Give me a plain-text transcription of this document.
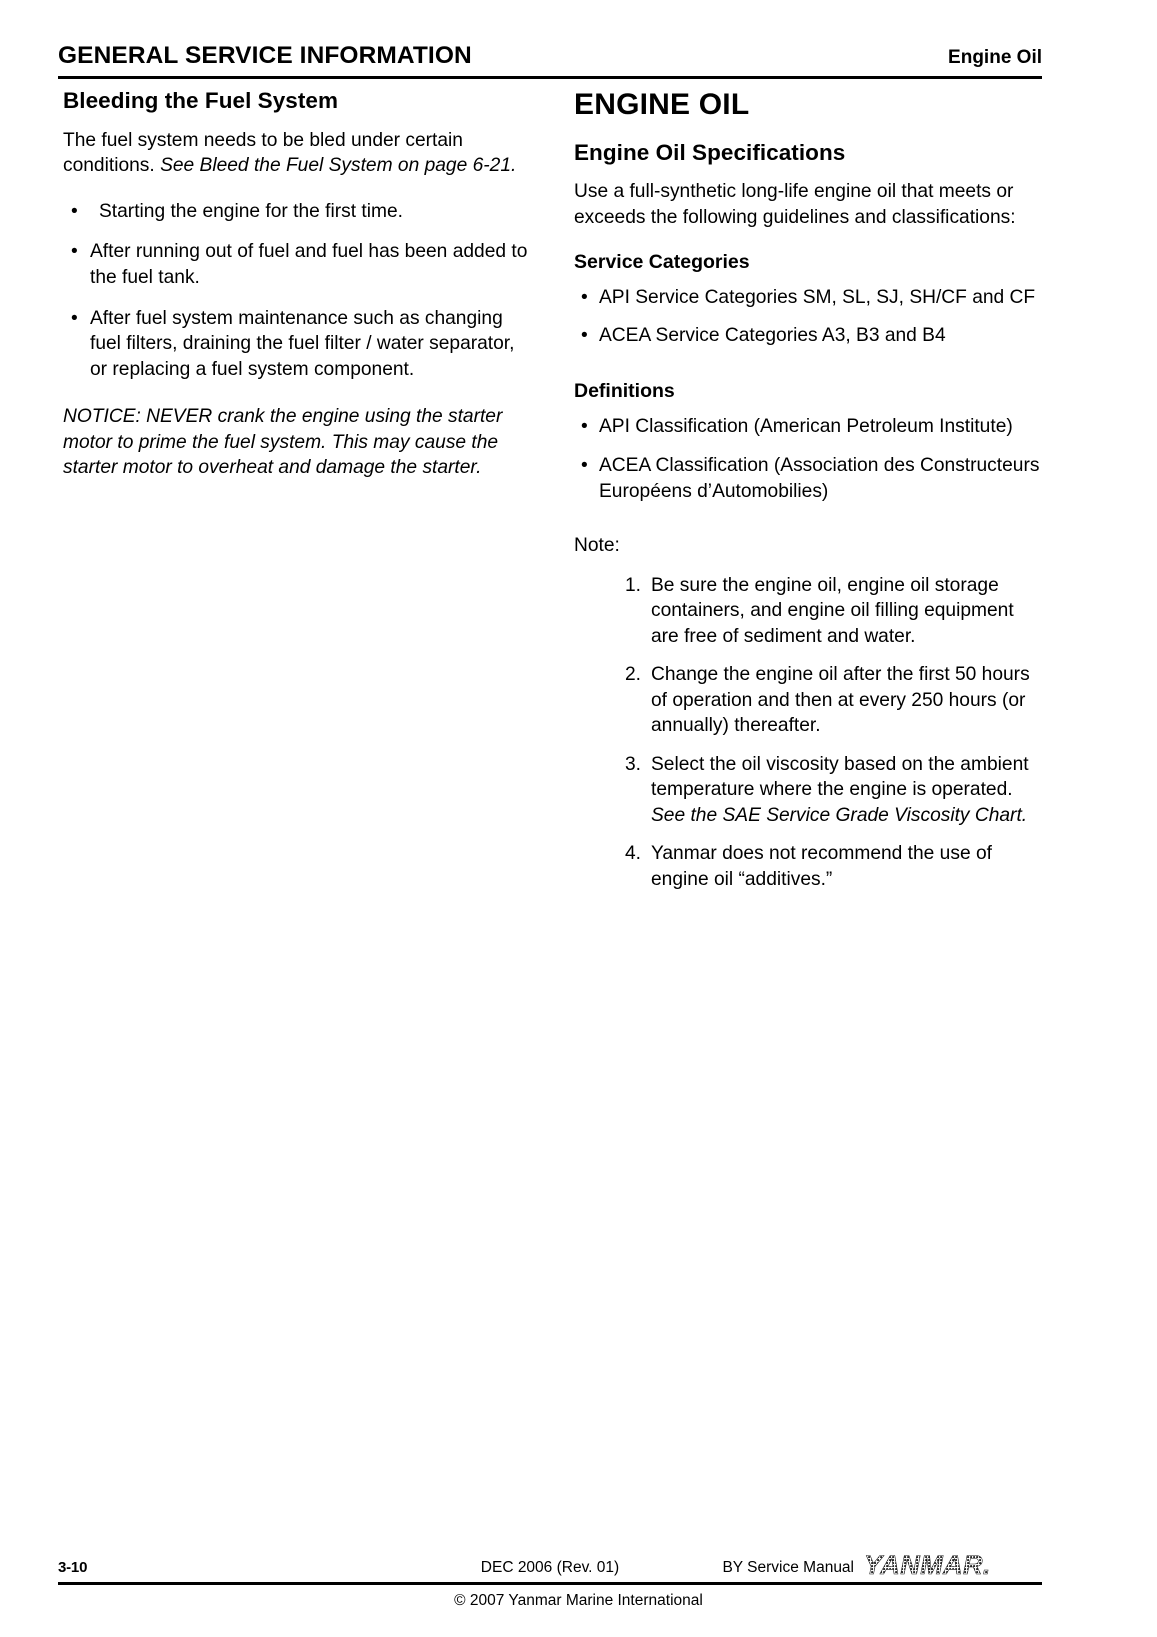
GENERAL SERVICE INFORMATION	Engine Oil
Bleeding the Fuel System

The fuel system needs to be bled under certain conditions. See Bleed the Fuel System on page 6-21.

• Starting the engine for the first time.
• After running out of fuel and fuel has been added to the fuel tank.
• After fuel system maintenance such as changing fuel filters, draining the fuel filter / water separator, or replacing a fuel system component.

NOTICE: NEVER crank the engine using the starter motor to prime the fuel system. This may cause the starter motor to overheat and damage the starter.

ENGINE OIL
Engine Oil Specifications

Use a full-synthetic long-life engine oil that meets or exceeds the following guidelines and classifications:

Service Categories
• API Service Categories SM, SL, SJ, SH/CF and CF
• ACEA Service Categories A3, B3 and B4
Definitions
• API Classification (American Petroleum Institute)
• ACEA Classification (Association des Constructeurs Européens d’Automobilies)

Note:

1. Be sure the engine oil, engine oil storage containers, and engine oil filling equipment are free of sediment and water.
2. Change the engine oil after the first 50 hours of operation and then at every 250 hours (or annually) thereafter.
3. Select the oil viscosity based on the ambient temperature where the engine is operated. See the SAE Service Grade Viscosity Chart.
4. Yanmar does not recommend the use of engine oil “additives.”
3-10	DEC 2006 (Rev. 01)	BY Service Manual YANMAR.
© 2007 Yanmar Marine International
